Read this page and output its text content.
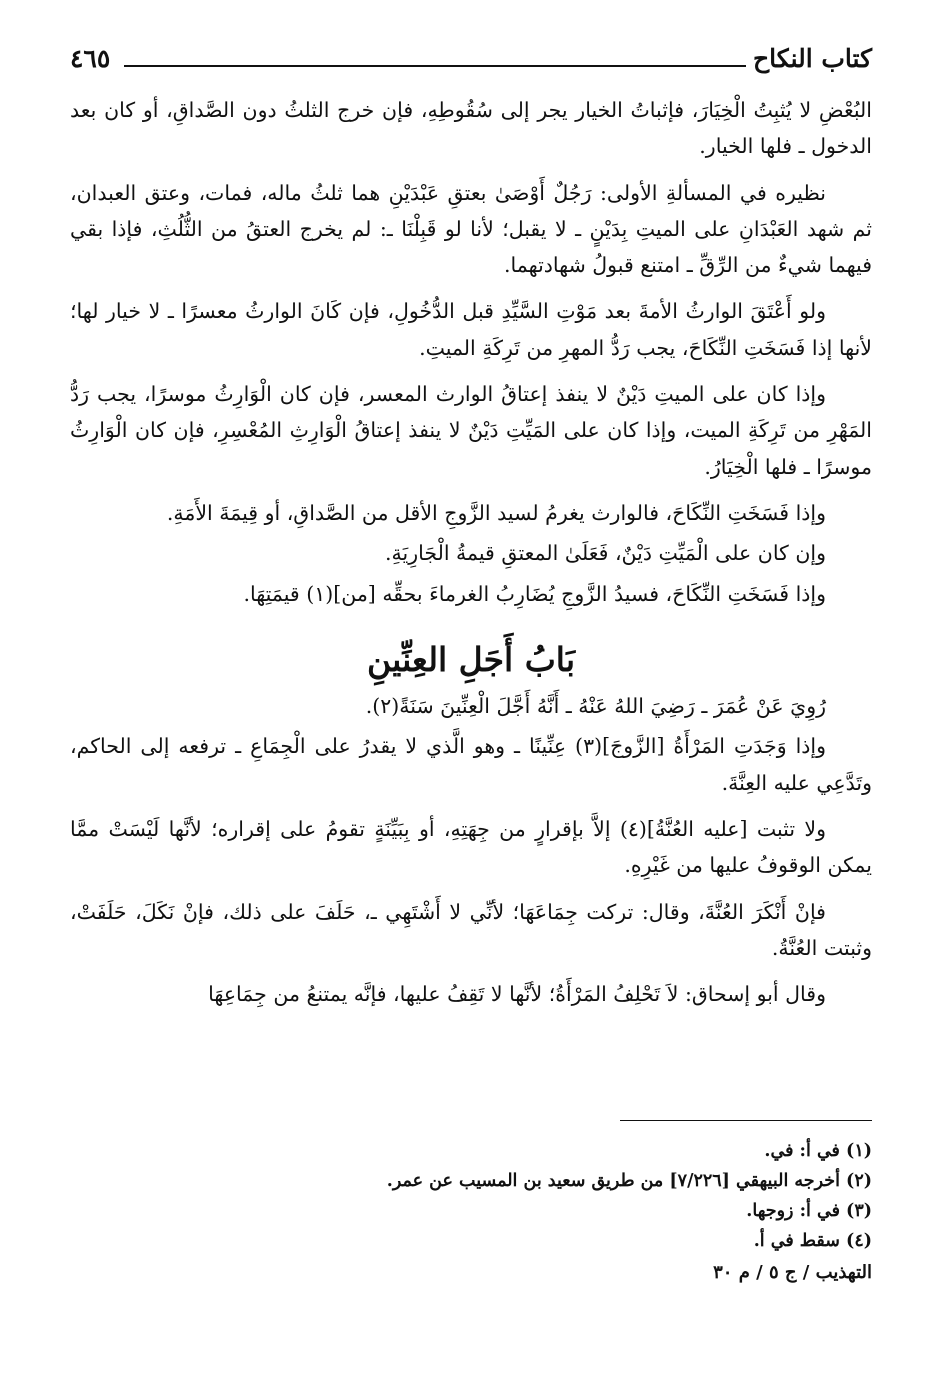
كتاب النكاح
٤٦٥

البُعْضِ لا يُثبِتُ الْخِيَارَ، فإثباتُ الخيار يجر إلى سُقُوطِهِ، فإن خرج الثلثُ دون الصَّداقِ، أو كان بعد الدخول ـ فلها الخيار.

نظيره في المسألةِ الأولى: رَجُلٌ أَوْصَىٰ بعتقِ عَبْدَيْنِ هما ثلثُ ماله، فمات، وعتق العبدان، ثم شهد العَبْدَانِ على الميتِ بِدَيْنٍ ـ لا يقبل؛ لأنا لو قَبِلْنَا ـ: لم يخرج العتقُ من الثُّلُثِ، فإذا بقي فيهما شيءٌ من الرِّقِّ ـ امتنع قبولُ شهادتهما.

ولو أَعْتَقَ الوارثُ الأمةَ بعد مَوْتِ السَّيِّدِ قبل الدُّخُولِ، فإن كَانَ الوارثُ معسرًا ـ لا خيار لها؛ لأنها إذا فَسَخَتِ النِّكَاحَ، يجب رَدُّ المهرِ من تَرِكَةِ الميتِ.

وإذا كان على الميتِ دَيْنٌ لا ينفذ إعتاقُ الوارث المعسر، فإن كان الْوَارِثُ موسرًا، يجب رَدُّ المَهْرِ من تَرِكَةِ الميت، وإذا كان على المَيِّتِ دَيْنٌ لا ينفذ إعتاقُ الْوَارِثِ المُعْسِرِ، فإن كان الْوَارِثُ موسرًا ـ فلها الْخِيَارُ.

وإذا فَسَخَتِ النِّكَاحَ، فالوارث يغرمُ لسيد الزَّوجِ الأقل من الصَّداقِ، أو قِيمَةَ الأَمَةِ.

وإن كان على الْمَيِّتِ دَيْنٌ، فَعَلَىٰ المعتقِ قيمةُ الْجَارِيَةِ.

وإذا فَسَخَتِ النِّكَاحَ، فسيدُ الزَّوجِ يُضَارِبُ الغرماءَ بحقِّه [من](١) قيمَتِهَا.

بَابُ أَجَلِ العِنِّينِ

رُوِيَ عَنْ عُمَرَ ـ رَضِيَ اللهُ عَنْهُ ـ أَنَّهُ أَجَّلَ الْعِنِّينَ سَنَةً(٢).

وإذا وَجَدَتِ المَرْأَةُ [الزَّوجَ](٣) عِنِّينًا ـ وهو الَّذي لا يقدرُ على الْجِمَاعِ ـ ترفعه إلى الحاكم، وتَدَّعِي عليه العِنَّةَ.

ولا تثبت [عليه العُنَّةُ](٤) إلاَّ بإقرارٍ من جِهَتِهِ، أو بِبَيِّنَةٍ تقومُ على إقراره؛ لأنَّها لَيْسَتْ ممَّا يمكن الوقوفُ عليها من غَيْرِهِ.

فإنْ أَنْكَرَ العُنَّةَ، وقال: تركت جِمَاعَهَا؛ لأنِّي لا أَشْتَهِي ـ، حَلَفَ على ذلك، فإنْ نَكَلَ، حَلَفَتْ، وثبتت العُنَّةُ.

وقال أبو إسحاق: لاَ تَحْلِفُ المَرْأَةُ؛ لأنَّها لا تَقِفُ عليها، فإنَّه يمتنعُ من جِمَاعِهَا

(١) في أ: في.

(٢) أخرجه البيهقي [٧/٢٢٦] من طريق سعيد بن المسيب عن عمر.

(٣) في أ: زوجها.

(٤) سقط في أ.

التهذيب / ج ٥ / م ٣٠
